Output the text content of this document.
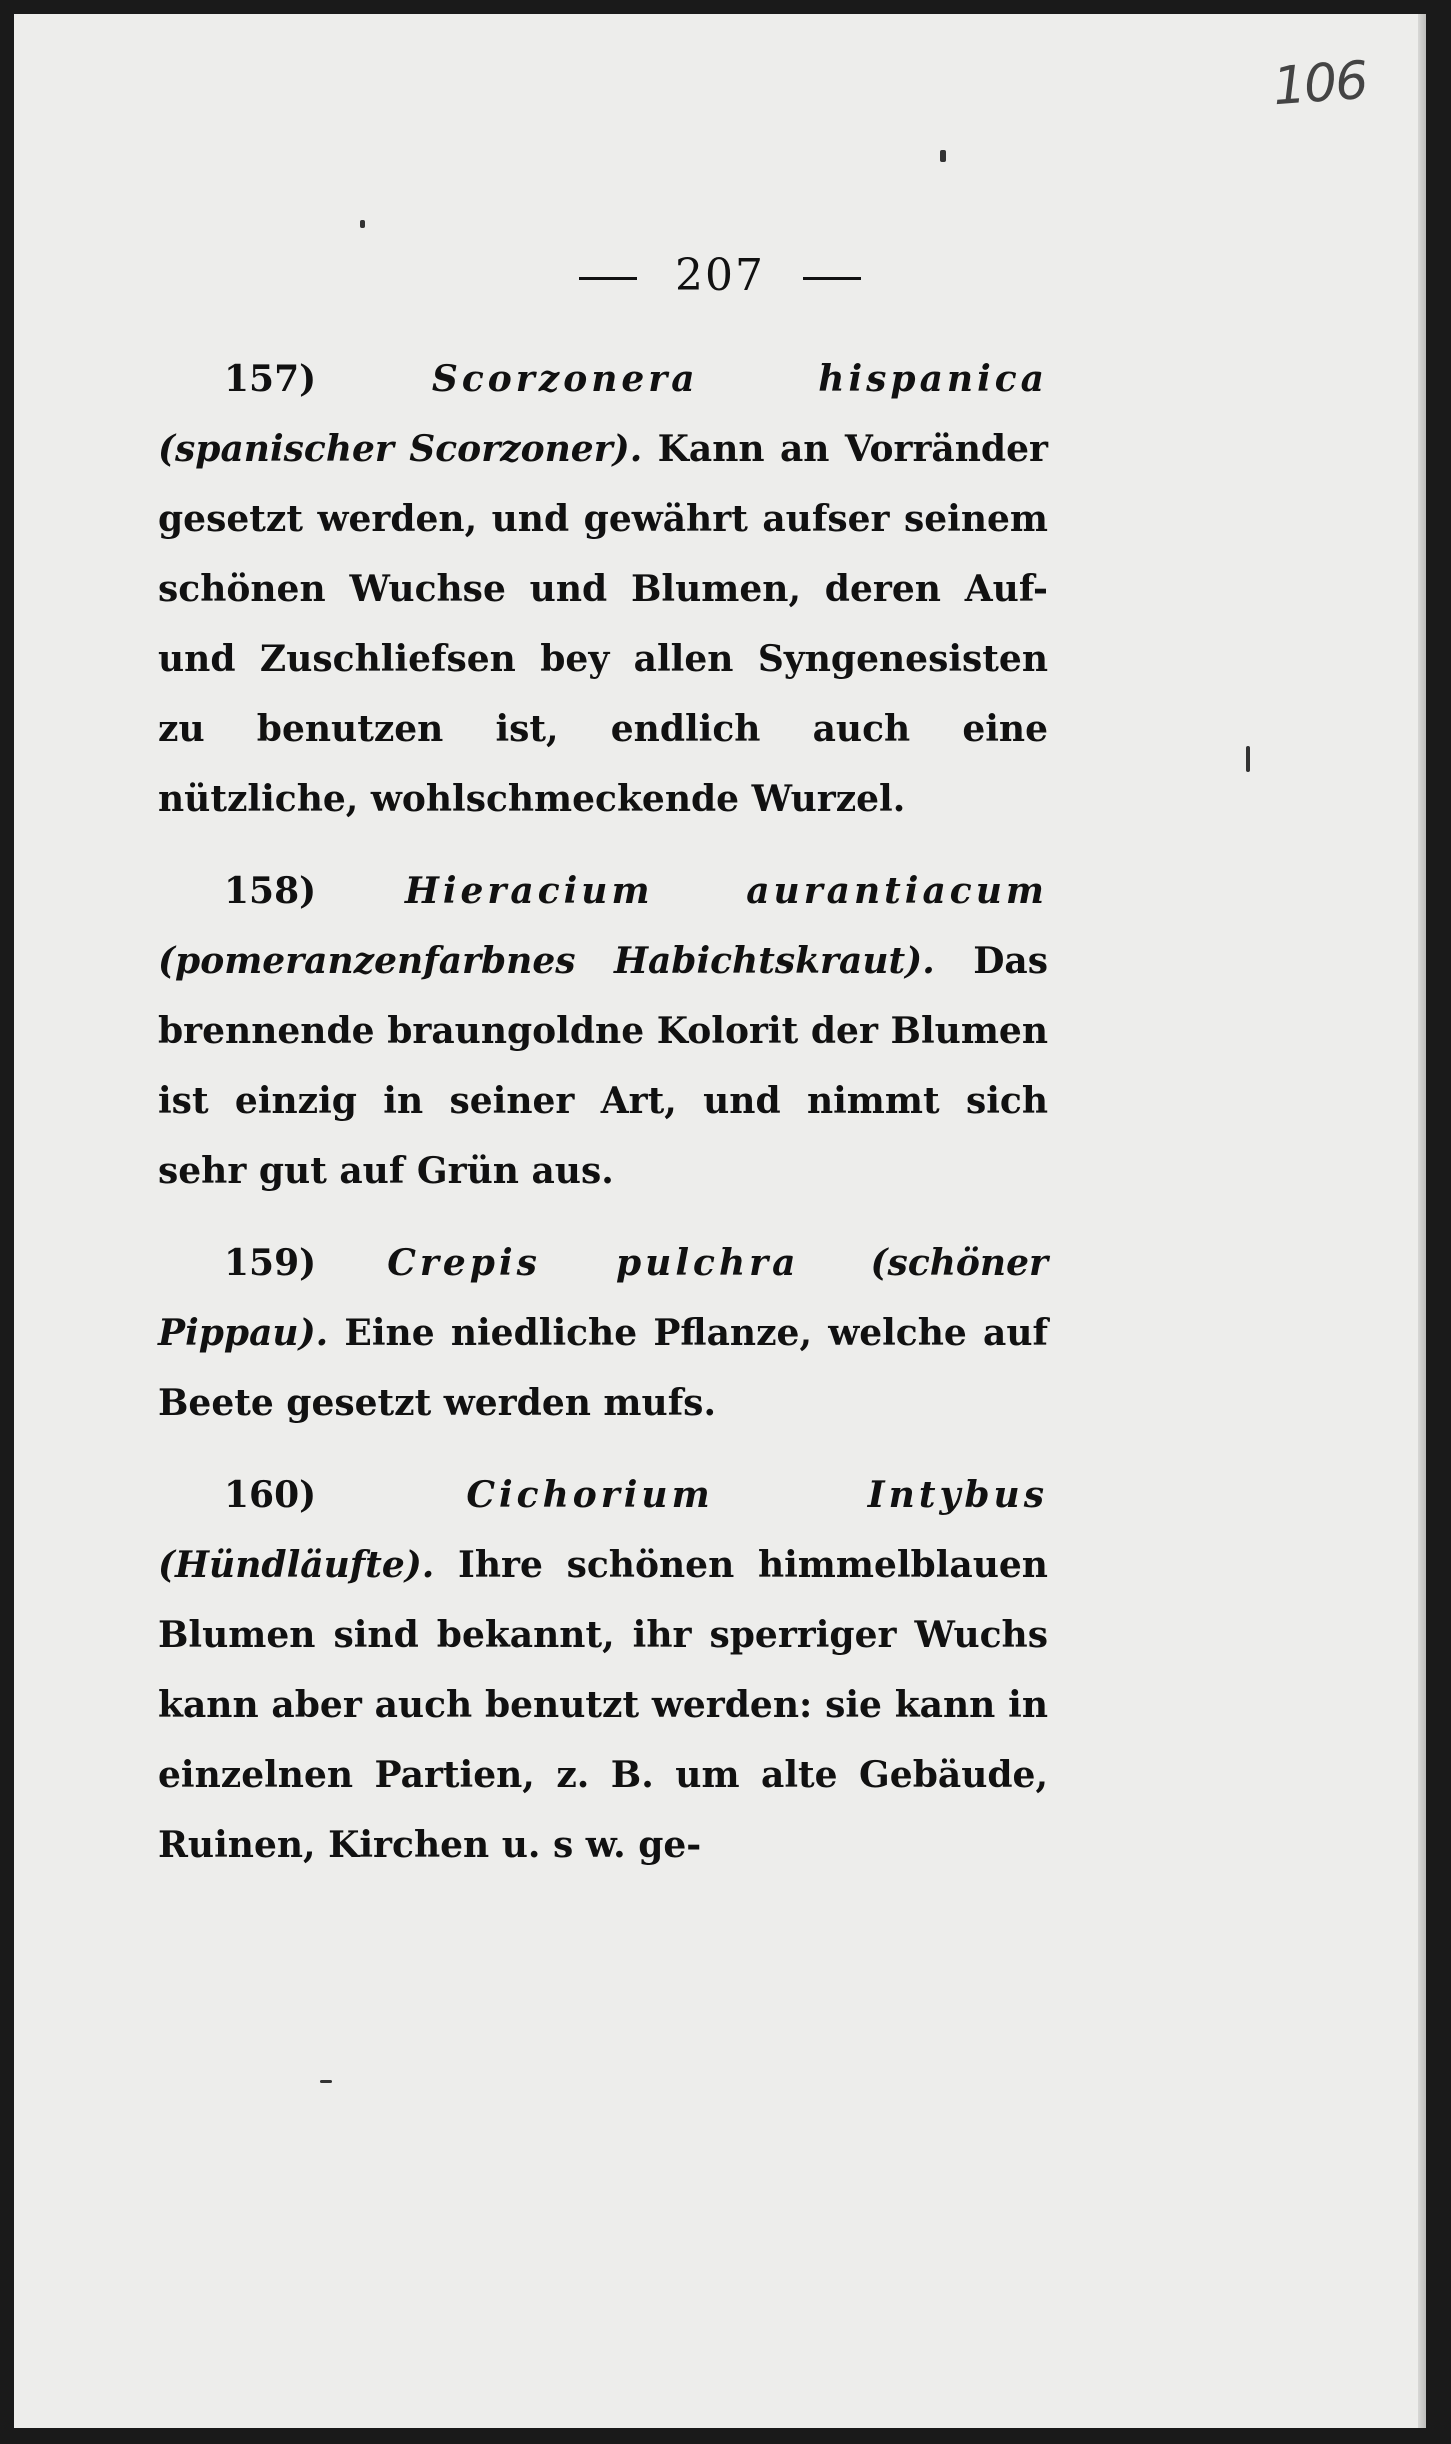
106
207

157)	Scorzonera hispanica (spanischer Scorzoner). Kann an Vorränder gesetzt werden, und gewährt aufser seinem schönen Wuchse und Blumen, deren Auf- und Zuschliefsen bey allen Syngenesisten zu benutzen ist, endlich auch eine nützliche, wohlschmeckende Wurzel.

158) Hieracium aurantiacum (pomeranzenfarbnes Habichtskraut). Das brennende braungoldne Kolorit der Blumen ist einzig in seiner Art, und nimmt sich sehr gut auf Grün aus.

159) Crepis pulchra (schöner Pippau). Eine niedliche Pflanze, welche auf Beete gesetzt werden mufs.

160)	Cichorium Intybus (Hündläufte). Ihre schönen himmelblauen Blumen sind bekannt, ihr sperriger Wuchs kann aber auch benutzt werden: sie kann in einzelnen Partien, z. B. um alte Gebäude, Ruinen, Kirchen u. s w. ge-
